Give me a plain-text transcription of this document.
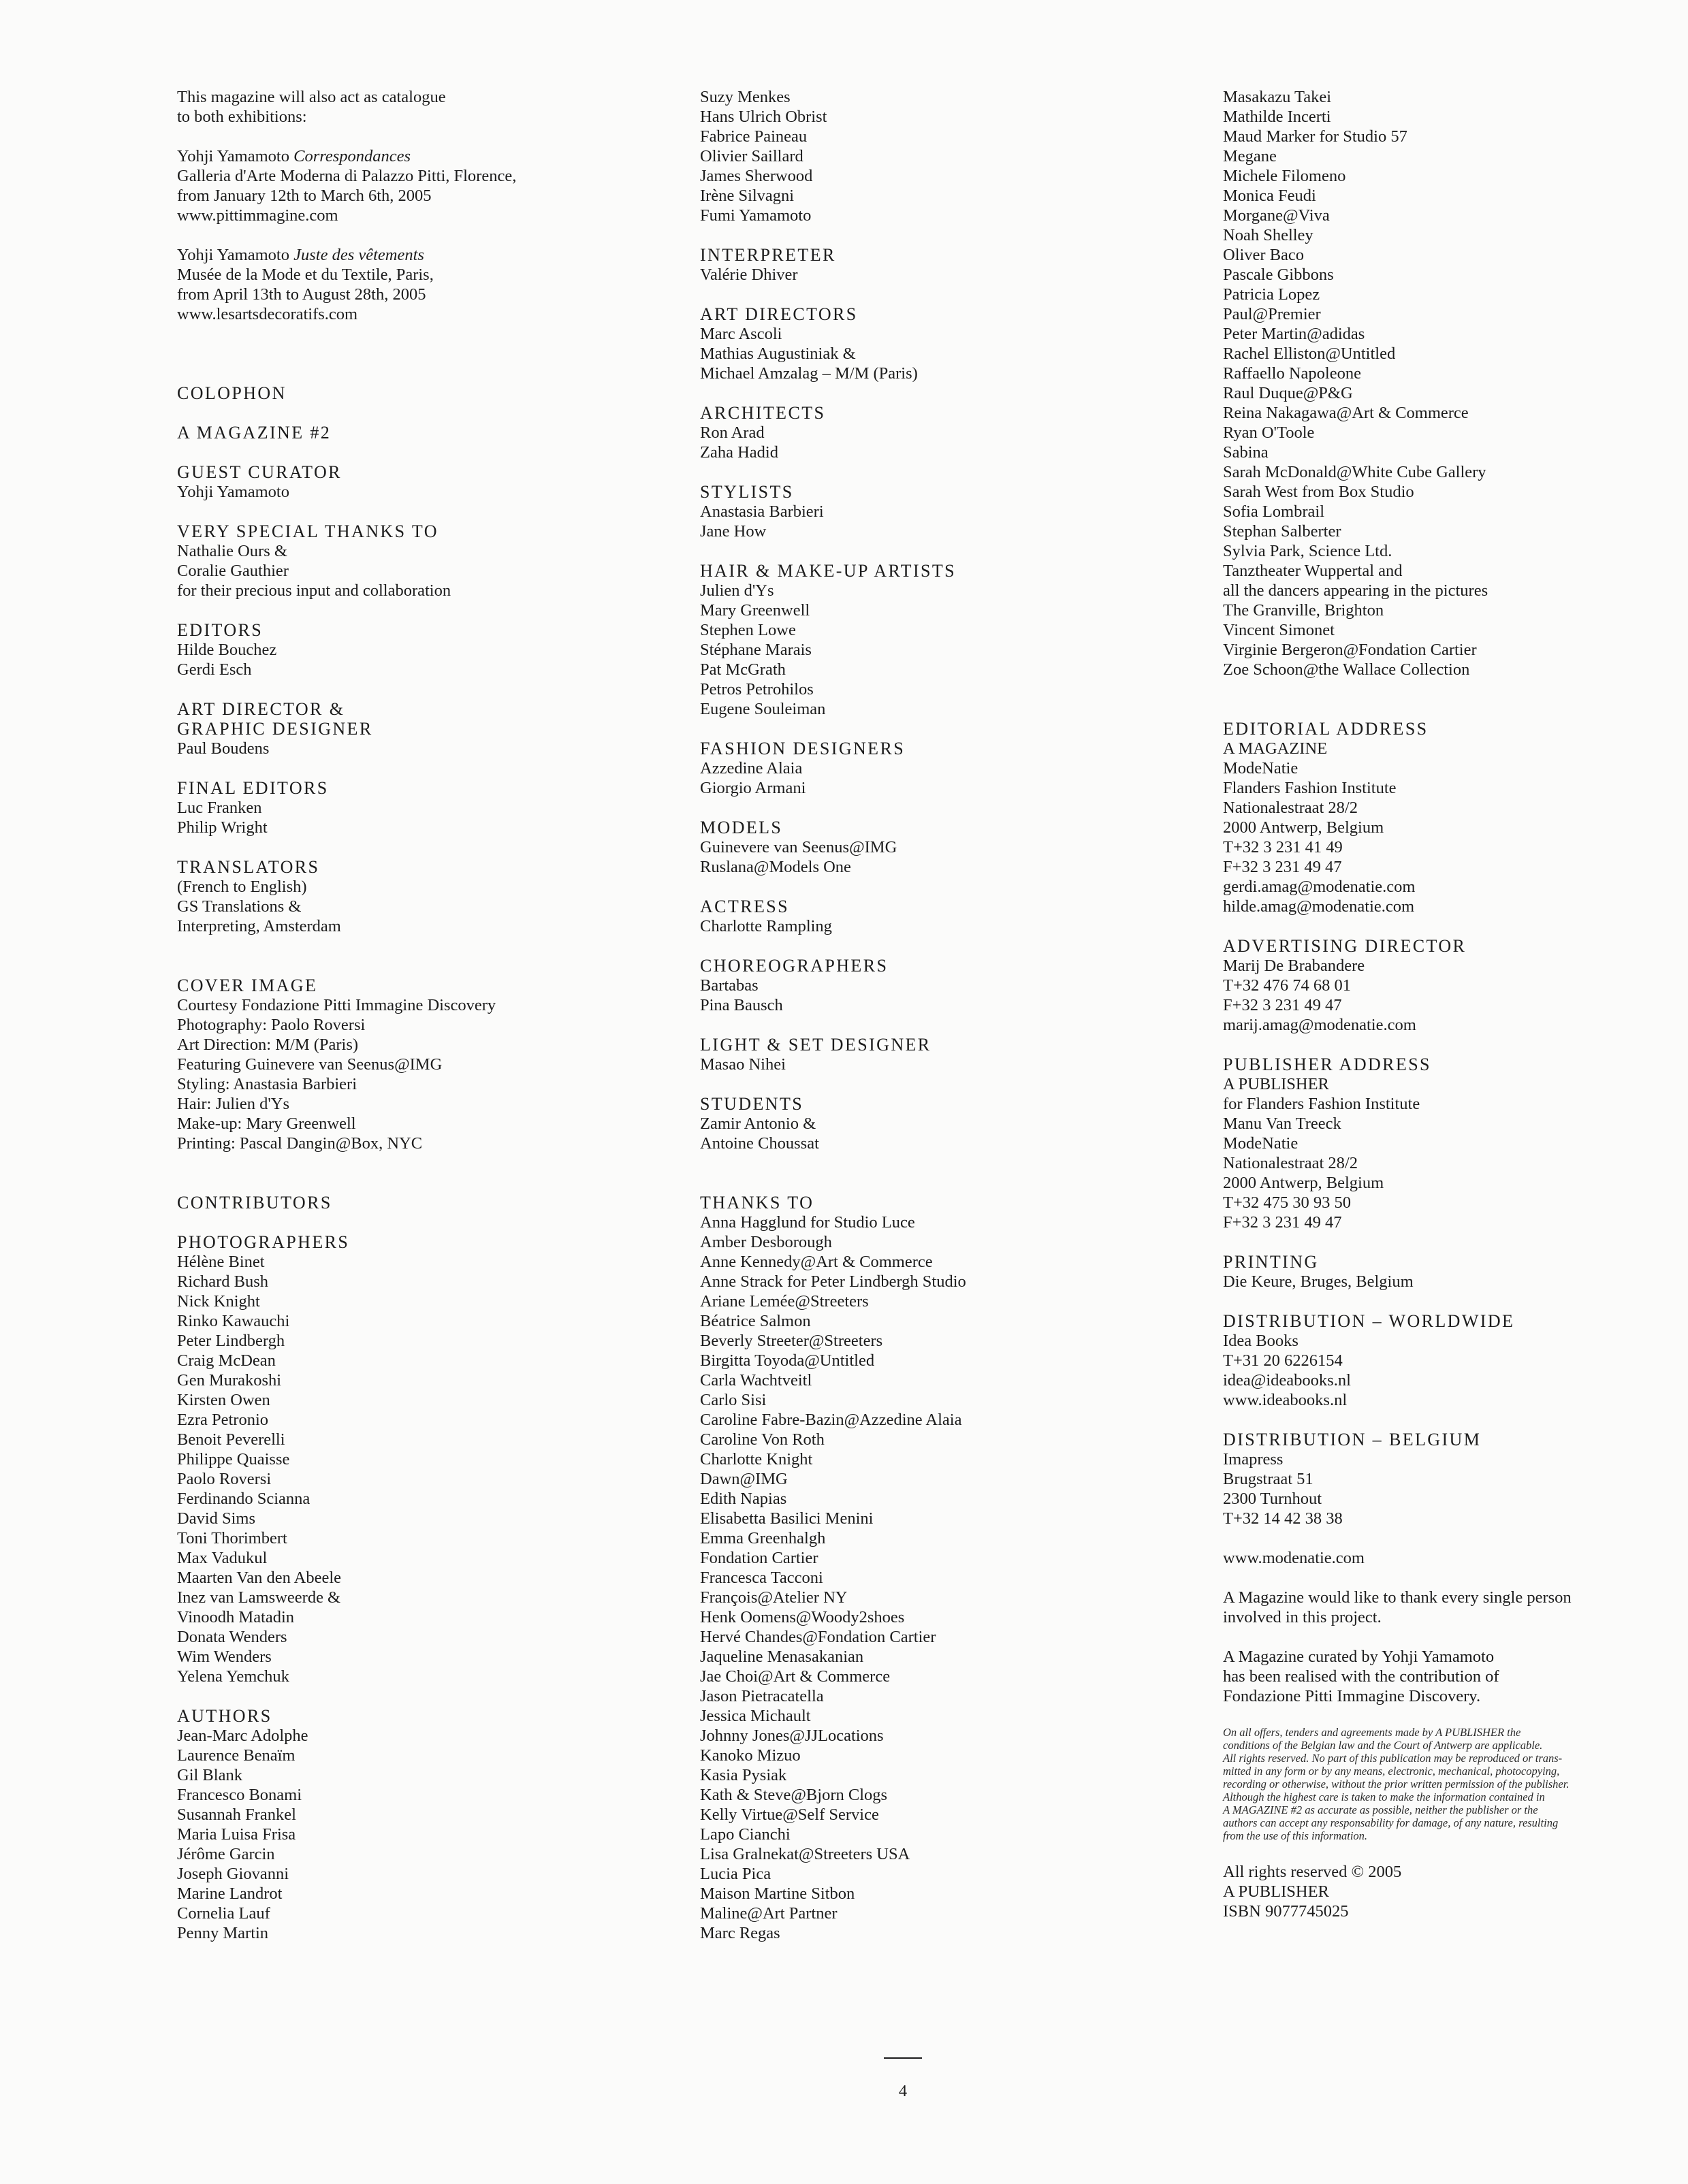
This magazine will also act as catalogue
to both exhibitions:
Yohji Yamamoto Correspondances
Galleria d'Arte Moderna di Palazzo Pitti, Florence,
from January 12th to March 6th, 2005
www.pittimmagine.com
Yohji Yamamoto Juste des vêtements
Musée de la Mode et du Textile, Paris,
from April 13th to August 28th, 2005
www.lesartsdecoratifs.com
COLOPHON
A MAGAZINE #2
GUEST CURATOR
Yohji Yamamoto
VERY SPECIAL THANKS TO
Nathalie Ours &
Coralie Gauthier
for their precious input and collaboration
EDITORS
Hilde Bouchez
Gerdi Esch
ART DIRECTOR &
GRAPHIC DESIGNER
Paul Boudens
FINAL EDITORS
Luc Franken
Philip Wright
TRANSLATORS
(French to English)
GS Translations &
Interpreting, Amsterdam
COVER IMAGE
Courtesy Fondazione Pitti Immagine Discovery
Photography: Paolo Roversi
Art Direction: M/M (Paris)
Featuring Guinevere van Seenus@IMG
Styling: Anastasia Barbieri
Hair: Julien d'Ys
Make-up: Mary Greenwell
Printing: Pascal Dangin@Box, NYC
CONTRIBUTORS
PHOTOGRAPHERS
Hélène Binet
Richard Bush
Nick Knight
Rinko Kawauchi
Peter Lindbergh
Craig McDean
Gen Murakoshi
Kirsten Owen
Ezra Petronio
Benoit Peverelli
Philippe Quaisse
Paolo Roversi
Ferdinando Scianna
David Sims
Toni Thorimbert
Max Vadukul
Maarten Van den Abeele
Inez van Lamsweerde &
Vinoodh Matadin
Donata Wenders
Wim Wenders
Yelena Yemchuk
AUTHORS
Jean-Marc Adolphe
Laurence Benaïm
Gil Blank
Francesco Bonami
Susannah Frankel
Maria Luisa Frisa
Jérôme Garcin
Joseph Giovanni
Marine Landrot
Cornelia Lauf
Penny Martin
Suzy Menkes
Hans Ulrich Obrist
Fabrice Paineau
Olivier Saillard
James Sherwood
Irène Silvagni
Fumi Yamamoto
INTERPRETER
Valérie Dhiver
ART DIRECTORS
Marc Ascoli
Mathias Augustiniak &
Michael Amzalag – M/M (Paris)
ARCHITECTS
Ron Arad
Zaha Hadid
STYLISTS
Anastasia Barbieri
Jane How
HAIR & MAKE-UP ARTISTS
Julien d'Ys
Mary Greenwell
Stephen Lowe
Stéphane Marais
Pat McGrath
Petros Petrohilos
Eugene Souleiman
FASHION DESIGNERS
Azzedine Alaia
Giorgio Armani
MODELS
Guinevere van Seenus@IMG
Ruslana@Models One
ACTRESS
Charlotte Rampling
CHOREOGRAPHERS
Bartabas
Pina Bausch
LIGHT & SET DESIGNER
Masao Nihei
STUDENTS
Zamir Antonio &
Antoine Choussat
THANKS TO
Anna Hagglund for Studio Luce
Amber Desborough
Anne Kennedy@Art & Commerce
Anne Strack for Peter Lindbergh Studio
Ariane Lemée@Streeters
Béatrice Salmon
Beverly Streeter@Streeters
Birgitta Toyoda@Untitled
Carla Wachtveitl
Carlo Sisi
Caroline Fabre-Bazin@Azzedine Alaia
Caroline Von Roth
Charlotte Knight
Dawn@IMG
Edith Napias
Elisabetta Basilici Menini
Emma Greenhalgh
Fondation Cartier
Francesca Tacconi
François@Atelier NY
Henk Oomens@Woody2shoes
Hervé Chandes@Fondation Cartier
Jaqueline Menasakanian
Jae Choi@Art & Commerce
Jason Pietracatella
Jessica Michault
Johnny Jones@JJLocations
Kanoko Mizuo
Kasia Pysiak
Kath & Steve@Bjorn Clogs
Kelly Virtue@Self Service
Lapo Cianchi
Lisa Gralnekat@Streeters USA
Lucia Pica
Maison Martine Sitbon
Maline@Art Partner
Marc Regas
Masakazu Takei
Mathilde Incerti
Maud Marker for Studio 57
Megane
Michele Filomeno
Monica Feudi
Morgane@Viva
Noah Shelley
Oliver Baco
Pascale Gibbons
Patricia Lopez
Paul@Premier
Peter Martin@adidas
Rachel Elliston@Untitled
Raffaello Napoleone
Raul Duque@P&G
Reina Nakagawa@Art & Commerce
Ryan O'Toole
Sabina
Sarah McDonald@White Cube Gallery
Sarah West from Box Studio
Sofia Lombrail
Stephan Salberter
Sylvia Park, Science Ltd.
Tanztheater Wuppertal and
all the dancers appearing in the pictures
The Granville, Brighton
Vincent Simonet
Virginie Bergeron@Fondation Cartier
Zoe Schoon@the Wallace Collection
EDITORIAL ADDRESS
A MAGAZINE
ModeNatie
Flanders Fashion Institute
Nationalestraat 28/2
2000 Antwerp, Belgium
T+32 3 231 41 49
F+32 3 231 49 47
gerdi.amag@modenatie.com
hilde.amag@modenatie.com
ADVERTISING DIRECTOR
Marij De Brabandere
T+32 476 74 68 01
F+32 3 231 49 47
marij.amag@modenatie.com
PUBLISHER ADDRESS
A PUBLISHER
for Flanders Fashion Institute
Manu Van Treeck
ModeNatie
Nationalestraat 28/2
2000 Antwerp, Belgium
T+32 475 30 93 50
F+32 3 231 49 47
PRINTING
Die Keure, Bruges, Belgium
DISTRIBUTION – WORLDWIDE
Idea Books
T+31 20 6226154
idea@ideabooks.nl
www.ideabooks.nl
DISTRIBUTION – BELGIUM
Imapress
Brugstraat 51
2300 Turnhout
T+32 14 42 38 38
www.modenatie.com
A Magazine would like to thank every single person
involved in this project.
A Magazine curated by Yohji Yamamoto
has been realised with the contribution of
Fondazione Pitti Immagine Discovery.
On all offers, tenders and agreements made by A PUBLISHER the
conditions of the Belgian law and the Court of Antwerp are applicable.
All rights reserved. No part of this publication may be reproduced or trans-
mitted in any form or by any means, electronic, mechanical, photocopying,
recording or otherwise, without the prior written permission of the publisher.
Although the highest care is taken to make the information contained in
A MAGAZINE #2 as accurate as possible, neither the publisher or the
authors can accept any responsability for damage, of any nature, resulting
from the use of this information.
All rights reserved © 2005
A PUBLISHER
ISBN 9077745025
4
